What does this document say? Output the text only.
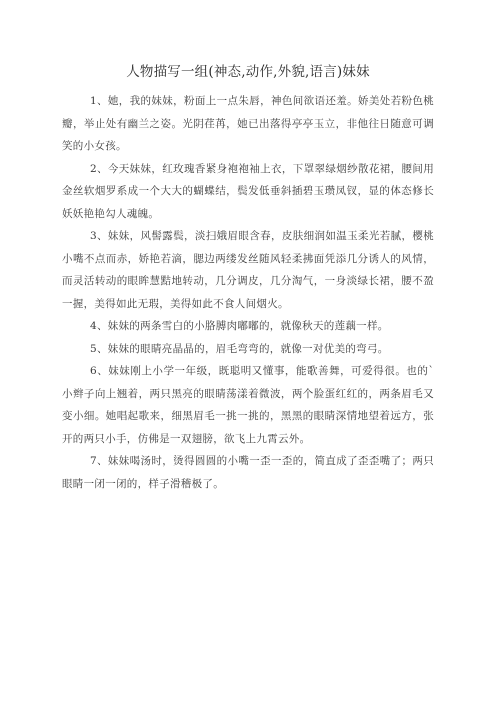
人物描写一组(神态,动作,外貌,语言)妹妹

1、她，我的妹妹，粉面上一点朱唇，神色间欲语还羞。娇美处若粉色桃瓣，举止处有幽兰之姿。光阴荏苒，她已出落得亭亭玉立，非他往日随意可调笑的小女孩。

2、今天妹妹，红玫瑰香紧身袍袍袖上衣，下罩翠绿烟纱散花裙，腰间用金丝软烟罗系成一个大大的蝴蝶结，鬓发低垂斜插碧玉瓒凤钗，显的体态修长妖妖艳艳勾人魂魄。

3、妹妹，风髻露鬓，淡扫娥眉眼含春，皮肤细润如温玉柔光若腻，樱桃小嘴不点而赤，娇艳若滴，腮边两缕发丝随风轻柔拂面凭添几分诱人的风情，而灵活转动的眼眸慧黠地转动，几分调皮，几分淘气，一身淡绿长裙，腰不盈一握，美得如此无瑕，美得如此不食人间烟火。

4、妹妹的两条雪白的小胳膊肉嘟嘟的，就像秋天的莲藕一样。

5、妹妹的眼睛亮晶晶的，眉毛弯弯的，就像一对优美的弯弓。

6、妹妹刚上小学一年级，既聪明又懂事，能歌善舞，可爱得很。也的`小辫子向上翘着，两只黑亮的眼睛荡漾着微波，两个脸蛋红红的，两条眉毛又变小细。她唱起歌来，细黑眉毛一挑一挑的，黑黑的眼睛深情地望着远方，张开的两只小手，仿佛是一双翅膀，欲飞上九霄云外。

7、妹妹喝汤时，烫得圆圆的小嘴一歪一歪的，简直成了歪歪嘴了；两只眼睛一闭一闭的，样子滑稽极了。
